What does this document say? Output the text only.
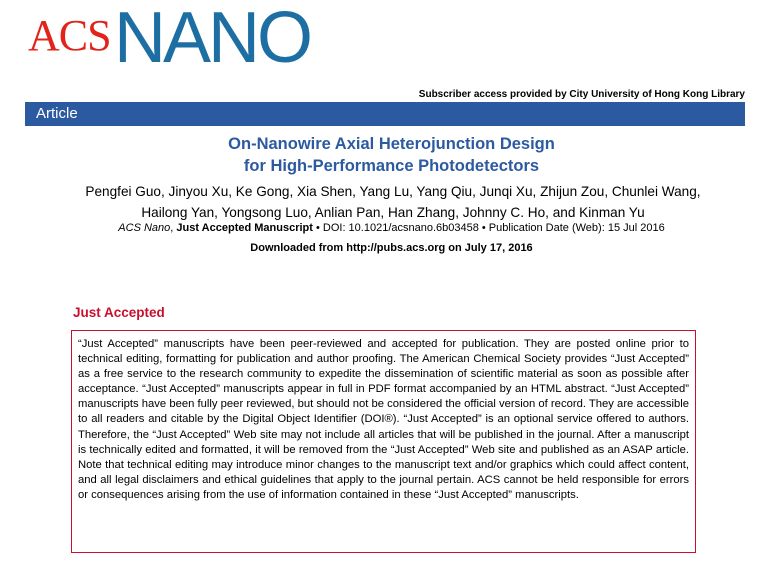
ACS NANO
Subscriber access provided by City University of Hong Kong Library
Article
On-Nanowire Axial Heterojunction Design
for High-Performance Photodetectors
Pengfei Guo, Jinyou Xu, Ke Gong, Xia Shen, Yang Lu, Yang Qiu, Junqi Xu, Zhijun Zou, Chunlei Wang, Hailong Yan, Yongsong Luo, Anlian Pan, Han Zhang, Johnny C. Ho, and Kinman Yu
ACS Nano, Just Accepted Manuscript • DOI: 10.1021/acsnano.6b03458 • Publication Date (Web): 15 Jul 2016
Downloaded from http://pubs.acs.org on July 17, 2016
Just Accepted
“Just Accepted” manuscripts have been peer-reviewed and accepted for publication. They are posted online prior to technical editing, formatting for publication and author proofing. The American Chemical Society provides “Just Accepted” as a free service to the research community to expedite the dissemination of scientific material as soon as possible after acceptance. “Just Accepted” manuscripts appear in full in PDF format accompanied by an HTML abstract. “Just Accepted” manuscripts have been fully peer reviewed, but should not be considered the official version of record. They are accessible to all readers and citable by the Digital Object Identifier (DOI®). “Just Accepted” is an optional service offered to authors. Therefore, the “Just Accepted” Web site may not include all articles that will be published in the journal. After a manuscript is technically edited and formatted, it will be removed from the “Just Accepted” Web site and published as an ASAP article. Note that technical editing may introduce minor changes to the manuscript text and/or graphics which could affect content, and all legal disclaimers and ethical guidelines that apply to the journal pertain. ACS cannot be held responsible for errors or consequences arising from the use of information contained in these “Just Accepted” manuscripts.
